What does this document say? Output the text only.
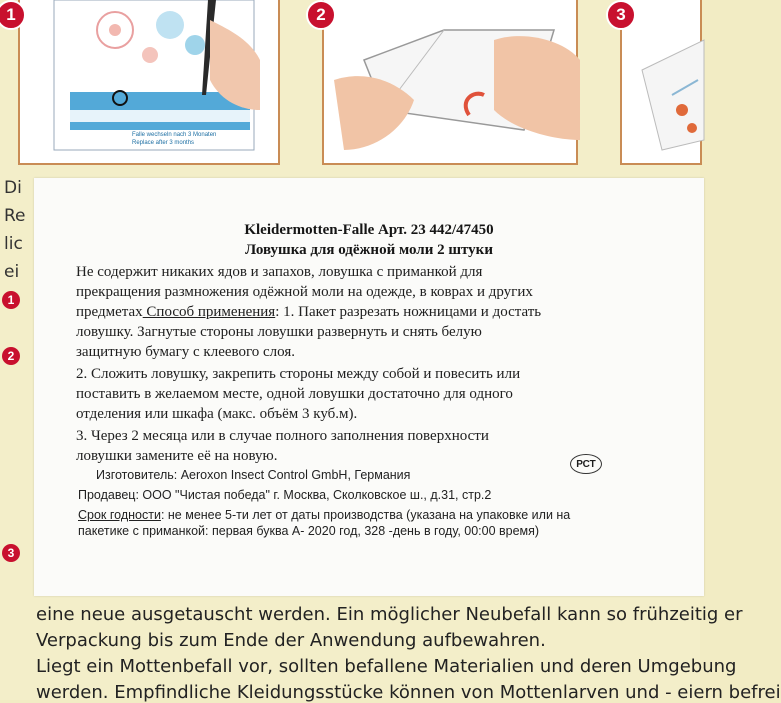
Falle wechseln nach 3 Monaten
Replace after 3 months
1	2	3
Di
Re
lic
ei
1
2
3
eine neue ausgetauscht werden. Ein möglicher Neubefall kann so frühzeitig er
Verpackung bis zum Ende der Anwendung aufbewahren.
Liegt ein Mottenbefall vor, sollten befallene Materialien und deren Umgebung
werden. Empfindliche Kleidungsstücke können von Mottenlarven und - eiern befrei
Kleidermotten-Falle Арт. 23 442/47450
Ловушка для одёжной моли 2 штуки
Не содержит никаких ядов и запахов, ловушка с приманкой для
прекращения размножения одёжной моли на одежде, в коврах и других
предметах Способ применения: 1. Пакет разрезать ножницами и достать
ловушку. Загнутые стороны ловушки развернуть и снять белую
защитную бумагу с клеевого слоя.
2. Сложить ловушку, закрепить стороны между собой и повесить или
поставить в желаемом месте, одной ловушки достаточно для одного
отделения или шкафа (макс. объём 3 куб.м).
3. Через 2 месяца или в случае полного заполнения поверхности
ловушки замените её на новую.	РСТ
Изготовитель: Aeroxon Insect Control GmbH, Германия
Продавец: ООО "Чистая победа" г. Москва, Сколковское ш., д.31, стр.2
Срок годности: не менее 5-ти лет от даты производства (указана на упаковке или на
пакетике с приманкой: первая буква А- 2020 год, 328 -день в году, 00:00 время)
